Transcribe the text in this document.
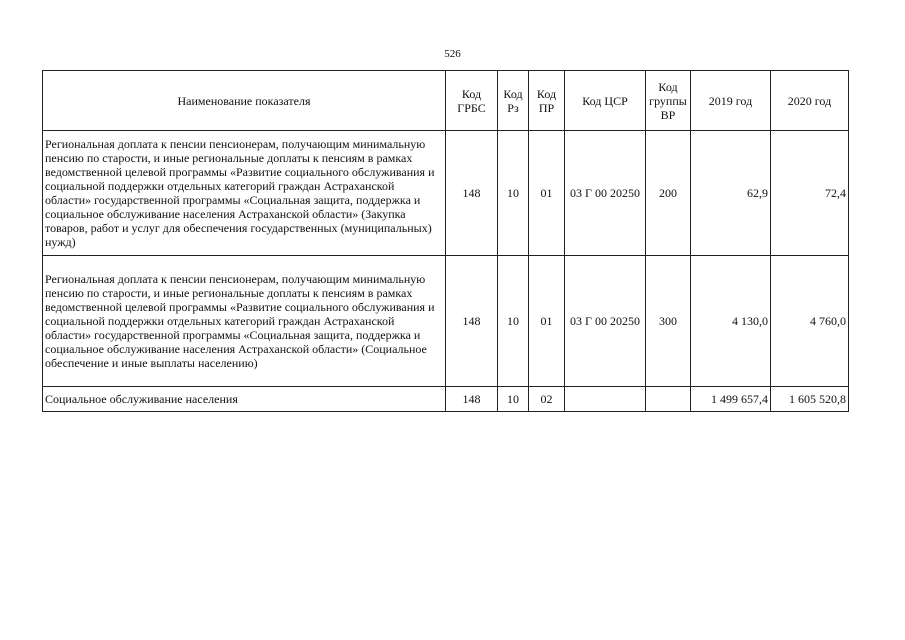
526
Наименование показателя	Код ГРБС	Код Рз	Код ПР	Код ЦСР	Код группы ВР	2019 год	2020 год
Региональная доплата к пенсии пенсионерам, получающим минимальную пенсию по старости, и иные региональные доплаты к пенсиям в рамках ведомственной целевой программы «Развитие социального обслуживания и социальной поддержки отдельных категорий граждан Астраханской области» государственной программы «Социальная защита, поддержка и социальное обслуживание населения Астраханской области» (Закупка товаров, работ и услуг для обеспечения государственных (муниципальных) нужд)	148	10	01	03 Г 00 20250	200	62,9	72,4
Региональная доплата к пенсии пенсионерам, получающим минимальную пенсию по старости, и иные региональные доплаты к пенсиям в рамках ведомственной целевой программы «Развитие социального обслуживания и социальной поддержки отдельных категорий граждан Астраханской области» государственной программы «Социальная защита, поддержка и социальное обслуживание населения Астраханской области» (Социальное обеспечение и иные выплаты населению)	148	10	01	03 Г 00 20250	300	4 130,0	4 760,0
Социальное обслуживание населения	148	10	02			1 499 657,4	1 605 520,8
